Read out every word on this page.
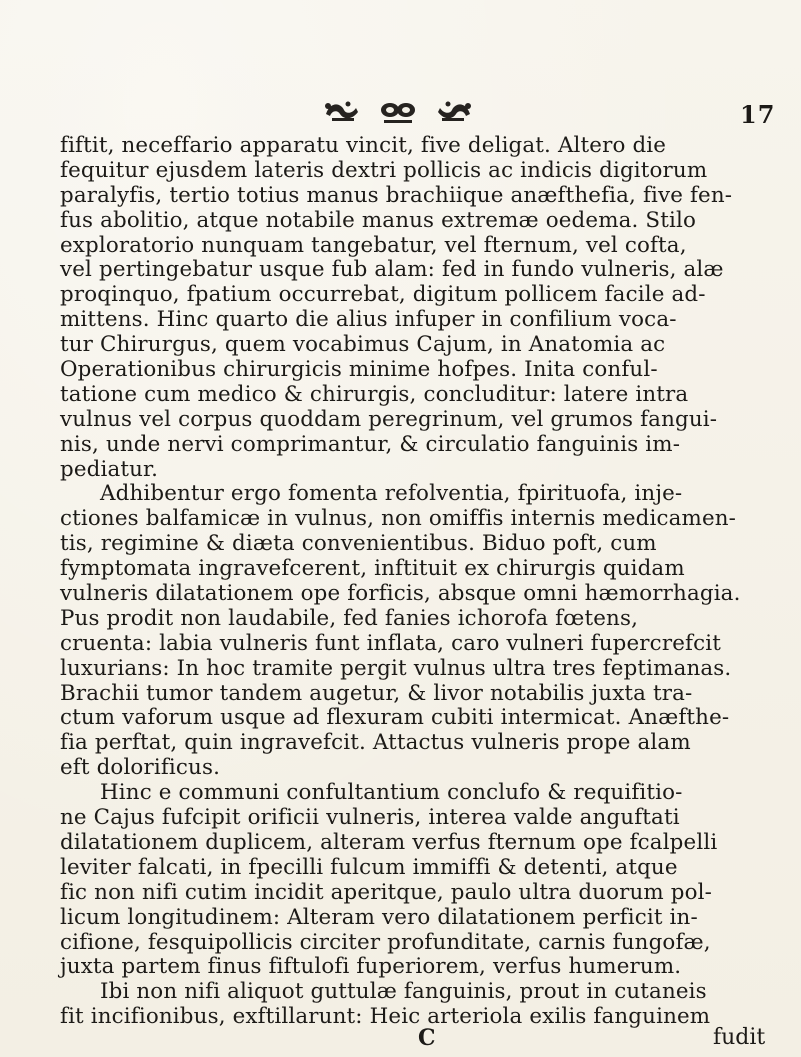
17
fiftit, neceffario apparatu vincit, five deligat. Altero die
fequitur ejusdem lateris dextri pollicis ac indicis digitorum
paralyfis, tertio totius manus brachiique anæfthefia, five fen-
fus abolitio, atque notabile manus extremæ oedema. Stilo
exploratorio nunquam tangebatur, vel fternum, vel cofta,
vel pertingebatur usque fub alam: fed in fundo vulneris, alæ
proqinquo, fpatium occurrebat, digitum pollicem facile ad-
mittens. Hinc quarto die alius infuper in confilium voca-
tur Chirurgus, quem vocabimus Cajum, in Anatomia ac
Operationibus chirurgicis minime hofpes. Inita conful-
tatione cum medico & chirurgis, concluditur: latere intra
vulnus vel corpus quoddam peregrinum, vel grumos fangui-
nis, unde nervi comprimantur, & circulatio fanguinis im-
pediatur.
Adhibentur ergo fomenta refolventia, fpirituofa, inje-
ctiones balfamicæ in vulnus, non omiffis internis medicamen-
tis, regimine & diæta convenientibus. Biduo poft, cum
fymptomata ingravefcerent, inftituit ex chirurgis quidam
vulneris dilatationem ope forficis, absque omni hæmorrhagia.
Pus prodit non laudabile, fed fanies ichorofa fœtens,
cruenta: labia vulneris funt inflata, caro vulneri fupercrefcit
luxurians: In hoc tramite pergit vulnus ultra tres feptimanas.
Brachii tumor tandem augetur, & livor notabilis juxta tra-
ctum vaforum usque ad flexuram cubiti intermicat. Anæfthe-
fia perftat, quin ingravefcit. Attactus vulneris prope alam
eft dolorificus.
Hinc e communi confultantium conclufo & requifitio-
ne Cajus fufcipit orificii vulneris, interea valde anguftati
dilatationem duplicem, alteram verfus fternum ope fcalpelli
leviter falcati, in fpecilli fulcum immiffi & detenti, atque
fic non nifi cutim incidit aperitque, paulo ultra duorum pol-
licum longitudinem: Alteram vero dilatationem perficit in-
cifione, fesquipollicis circiter profunditate, carnis fungofæ,
juxta partem finus fiftulofi fuperiorem, verfus humerum.
Ibi non nifi aliquot guttulæ fanguinis, prout in cutaneis
fit incifionibus, exftillarunt: Heic arteriola exilis fanguinem
C	fudit
